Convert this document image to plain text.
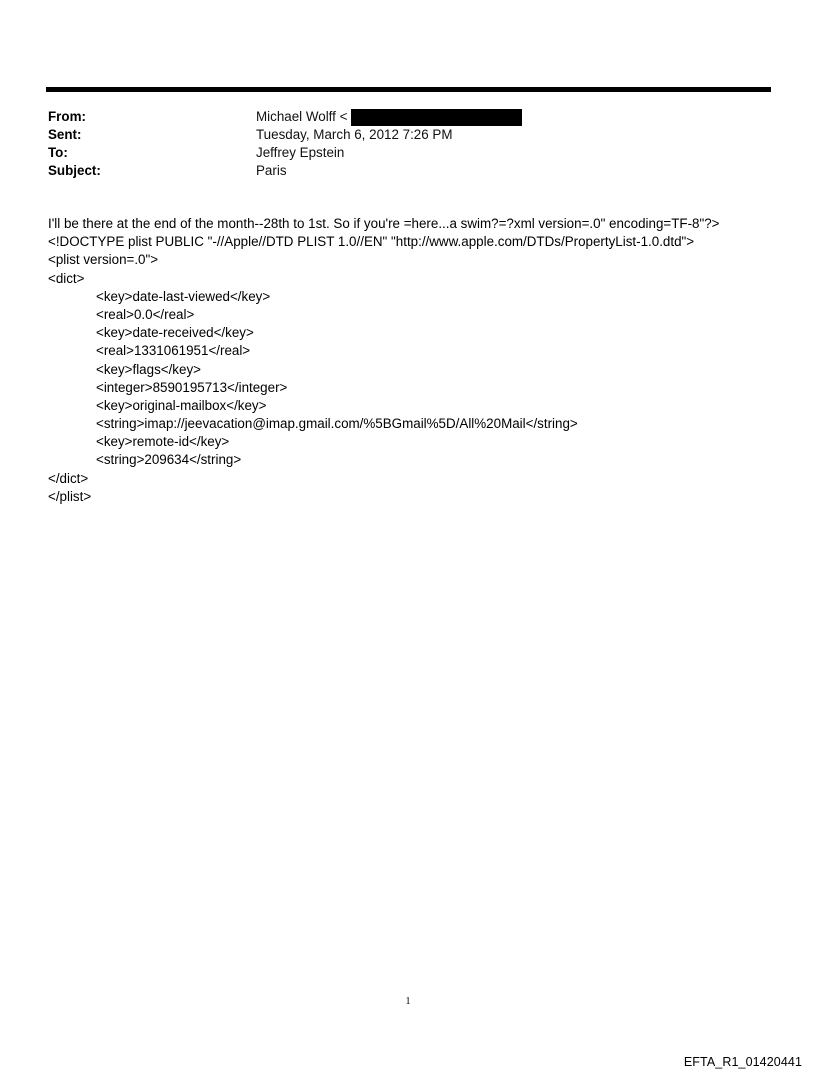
From:	Michael Wolff <
Sent:	Tuesday, March 6, 2012 7:26 PM
To:	Jeffrey Epstein
Subject:	Paris
I'll be there at the end of the month--28th to 1st. So if you're =here...a swim?=?xml version=.0" encoding=TF-8"?>
<!DOCTYPE plist PUBLIC "-//Apple//DTD PLIST 1.0//EN" "http://www.apple.com/DTDs/PropertyList-1.0.dtd">
<plist version=.0">
<dict>
<key>date-last-viewed</key>
<real>0.0</real>
<key>date-received</key>
<real>1331061951</real>
<key>flags</key>
<integer>8590195713</integer>
<key>original-mailbox</key>
<string>imap://jeevacation@imap.gmail.com/%5BGmail%5D/All%20Mail</string>
<key>remote-id</key>
<string>209634</string>
</dict>
</plist>
1
EFTA_R1_01420441
